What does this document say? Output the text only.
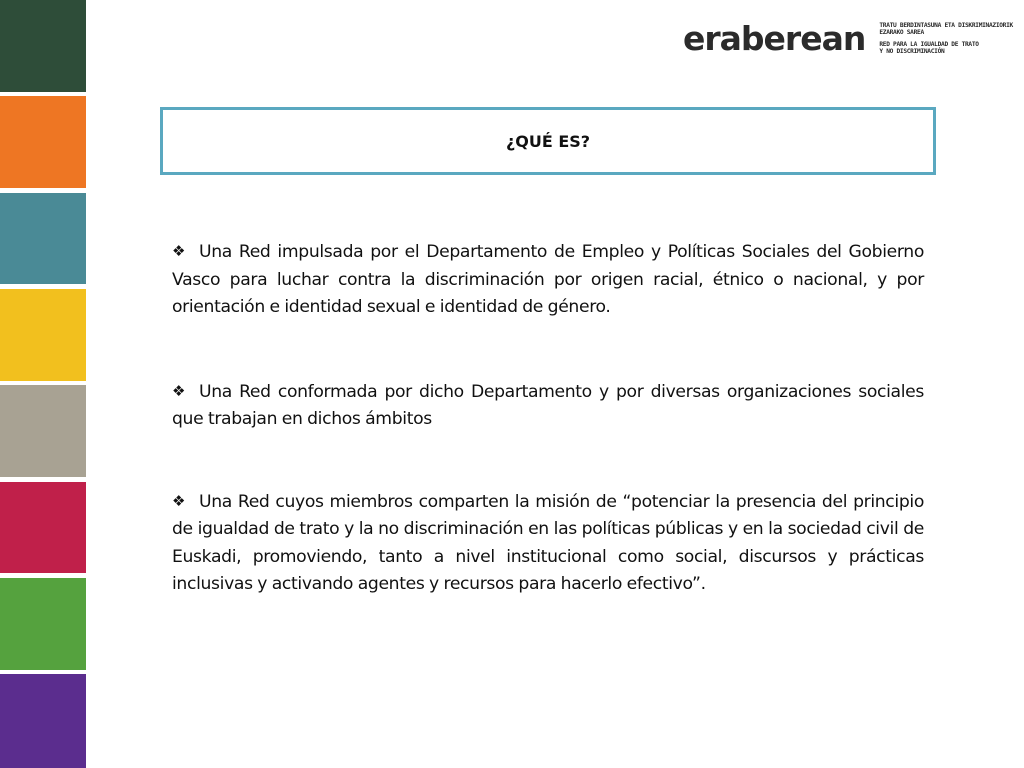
eraberean TRATU BERDINTASUNA ETA DISKRIMINAZIORIK
EZARAKO SAREA
RED PARA LA IGUALDAD DE TRATO
Y NO DISCRIMINACIÓN
¿QUÉ ES?

❖ Una Red impulsada por el Departamento de Empleo y Políticas Sociales del Gobierno Vasco para luchar contra la discriminación por origen racial, étnico o nacional, y por orientación e identidad sexual e identidad de género.

❖ Una Red conformada por dicho Departamento y por diversas organizaciones sociales que trabajan en dichos ámbitos

❖ Una Red cuyos miembros comparten la misión de “potenciar la presencia del principio de igualdad de trato y la no discriminación en las políticas públicas y en la sociedad civil de Euskadi, promoviendo, tanto a nivel institucional como social, discursos y prácticas inclusivas y activando agentes y recursos para hacerlo efectivo”.
